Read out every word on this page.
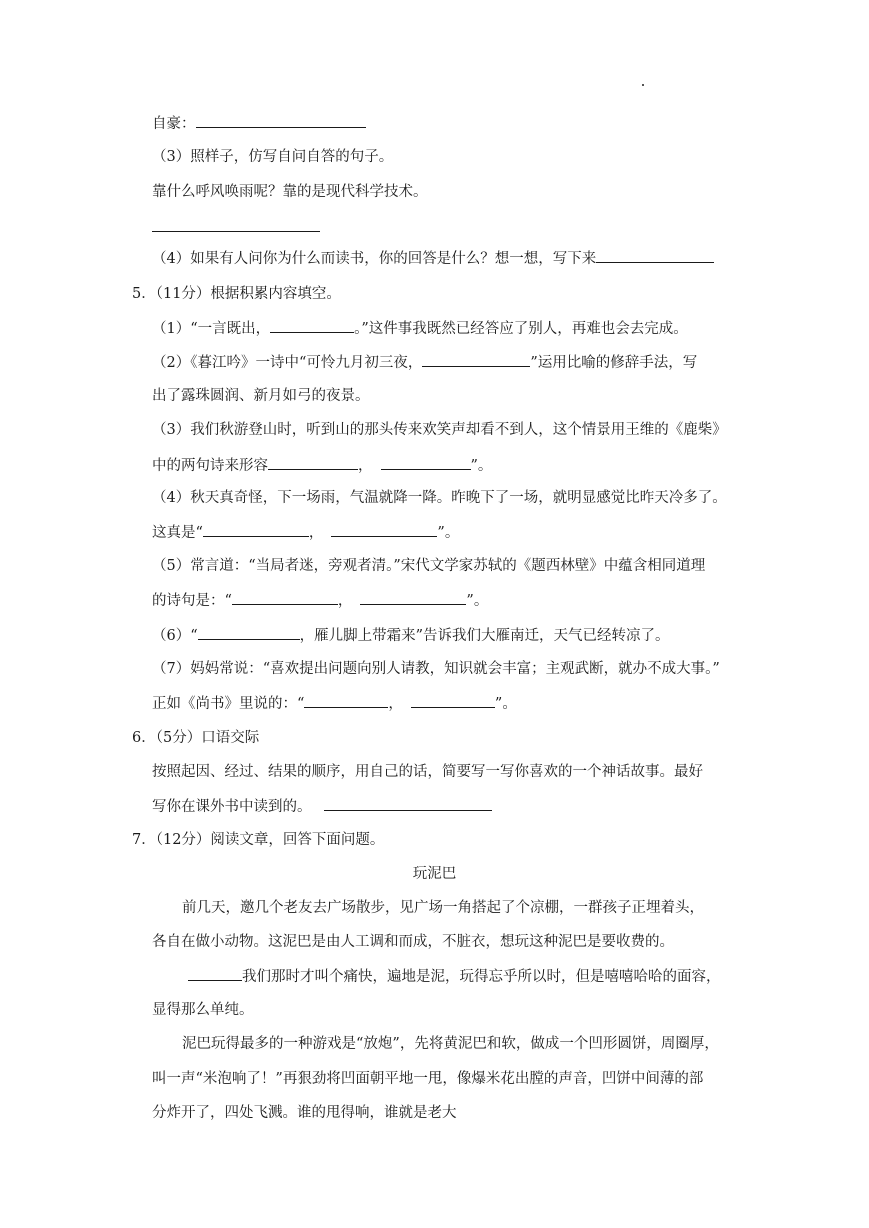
自豪：
（3）照样子，仿写自问自答的句子。
靠什么呼风唤雨呢？靠的是现代科学技术。
（4）如果有人问你为什么而读书，你的回答是什么？想一想，写下来
5．（11分）根据积累内容填空。
（1）“一言既出，	。”这件事我既然已经答应了别人，再难也会去完成。
（2）《暮江吟》一诗中“可怜九月初三夜，	”运用比喻的修辞手法，写
出了露珠圆润、新月如弓的夜景。
（3）我们秋游登山时，听到山的那头传来欢笑声却看不到人，这个情景用王维的《鹿柴》
中的两句诗来形容	，	”。
（4）秋天真奇怪，下一场雨，气温就降一降。昨晚下了一场，就明显感觉比昨天冷多了。
这真是“	，	”。
（5）常言道：“当局者迷，旁观者清。”宋代文学家苏轼的《题西林壁》中蕴含相同道理
的诗句是：“	，	”。
（6）“	，雁儿脚上带霜来”告诉我们大雁南迁，天气已经转凉了。
（7）妈妈常说：“喜欢提出问题向别人请教，知识就会丰富；主观武断，就办不成大事。”
正如《尚书》里说的：“	，	”。
6．（5分）口语交际
按照起因、经过、结果的顺序，用自己的话，简要写一写你喜欢的一个神话故事。最好
写你在课外书中读到的。
7．（12分）阅读文章，回答下面问题。
玩泥巴
前几天，邀几个老友去广场散步，见广场一角搭起了个凉棚，一群孩子正埋着头，
各自在做小动物。这泥巴是由人工调和而成，不脏衣，想玩这种泥巴是要收费的。
我们那时才叫个痛快，遍地是泥，玩得忘乎所以时，但是嘻嘻哈哈的面容，
显得那么单纯。
泥巴玩得最多的一种游戏是“放炮”，先将黄泥巴和软，做成一个凹形圆饼，周圈厚，
叫一声“米泡响了！”再狠劲将凹面朝平地一甩，像爆米花出膛的声音，凹饼中间薄的部
分炸开了，四处飞溅。谁的甩得响，谁就是老大
